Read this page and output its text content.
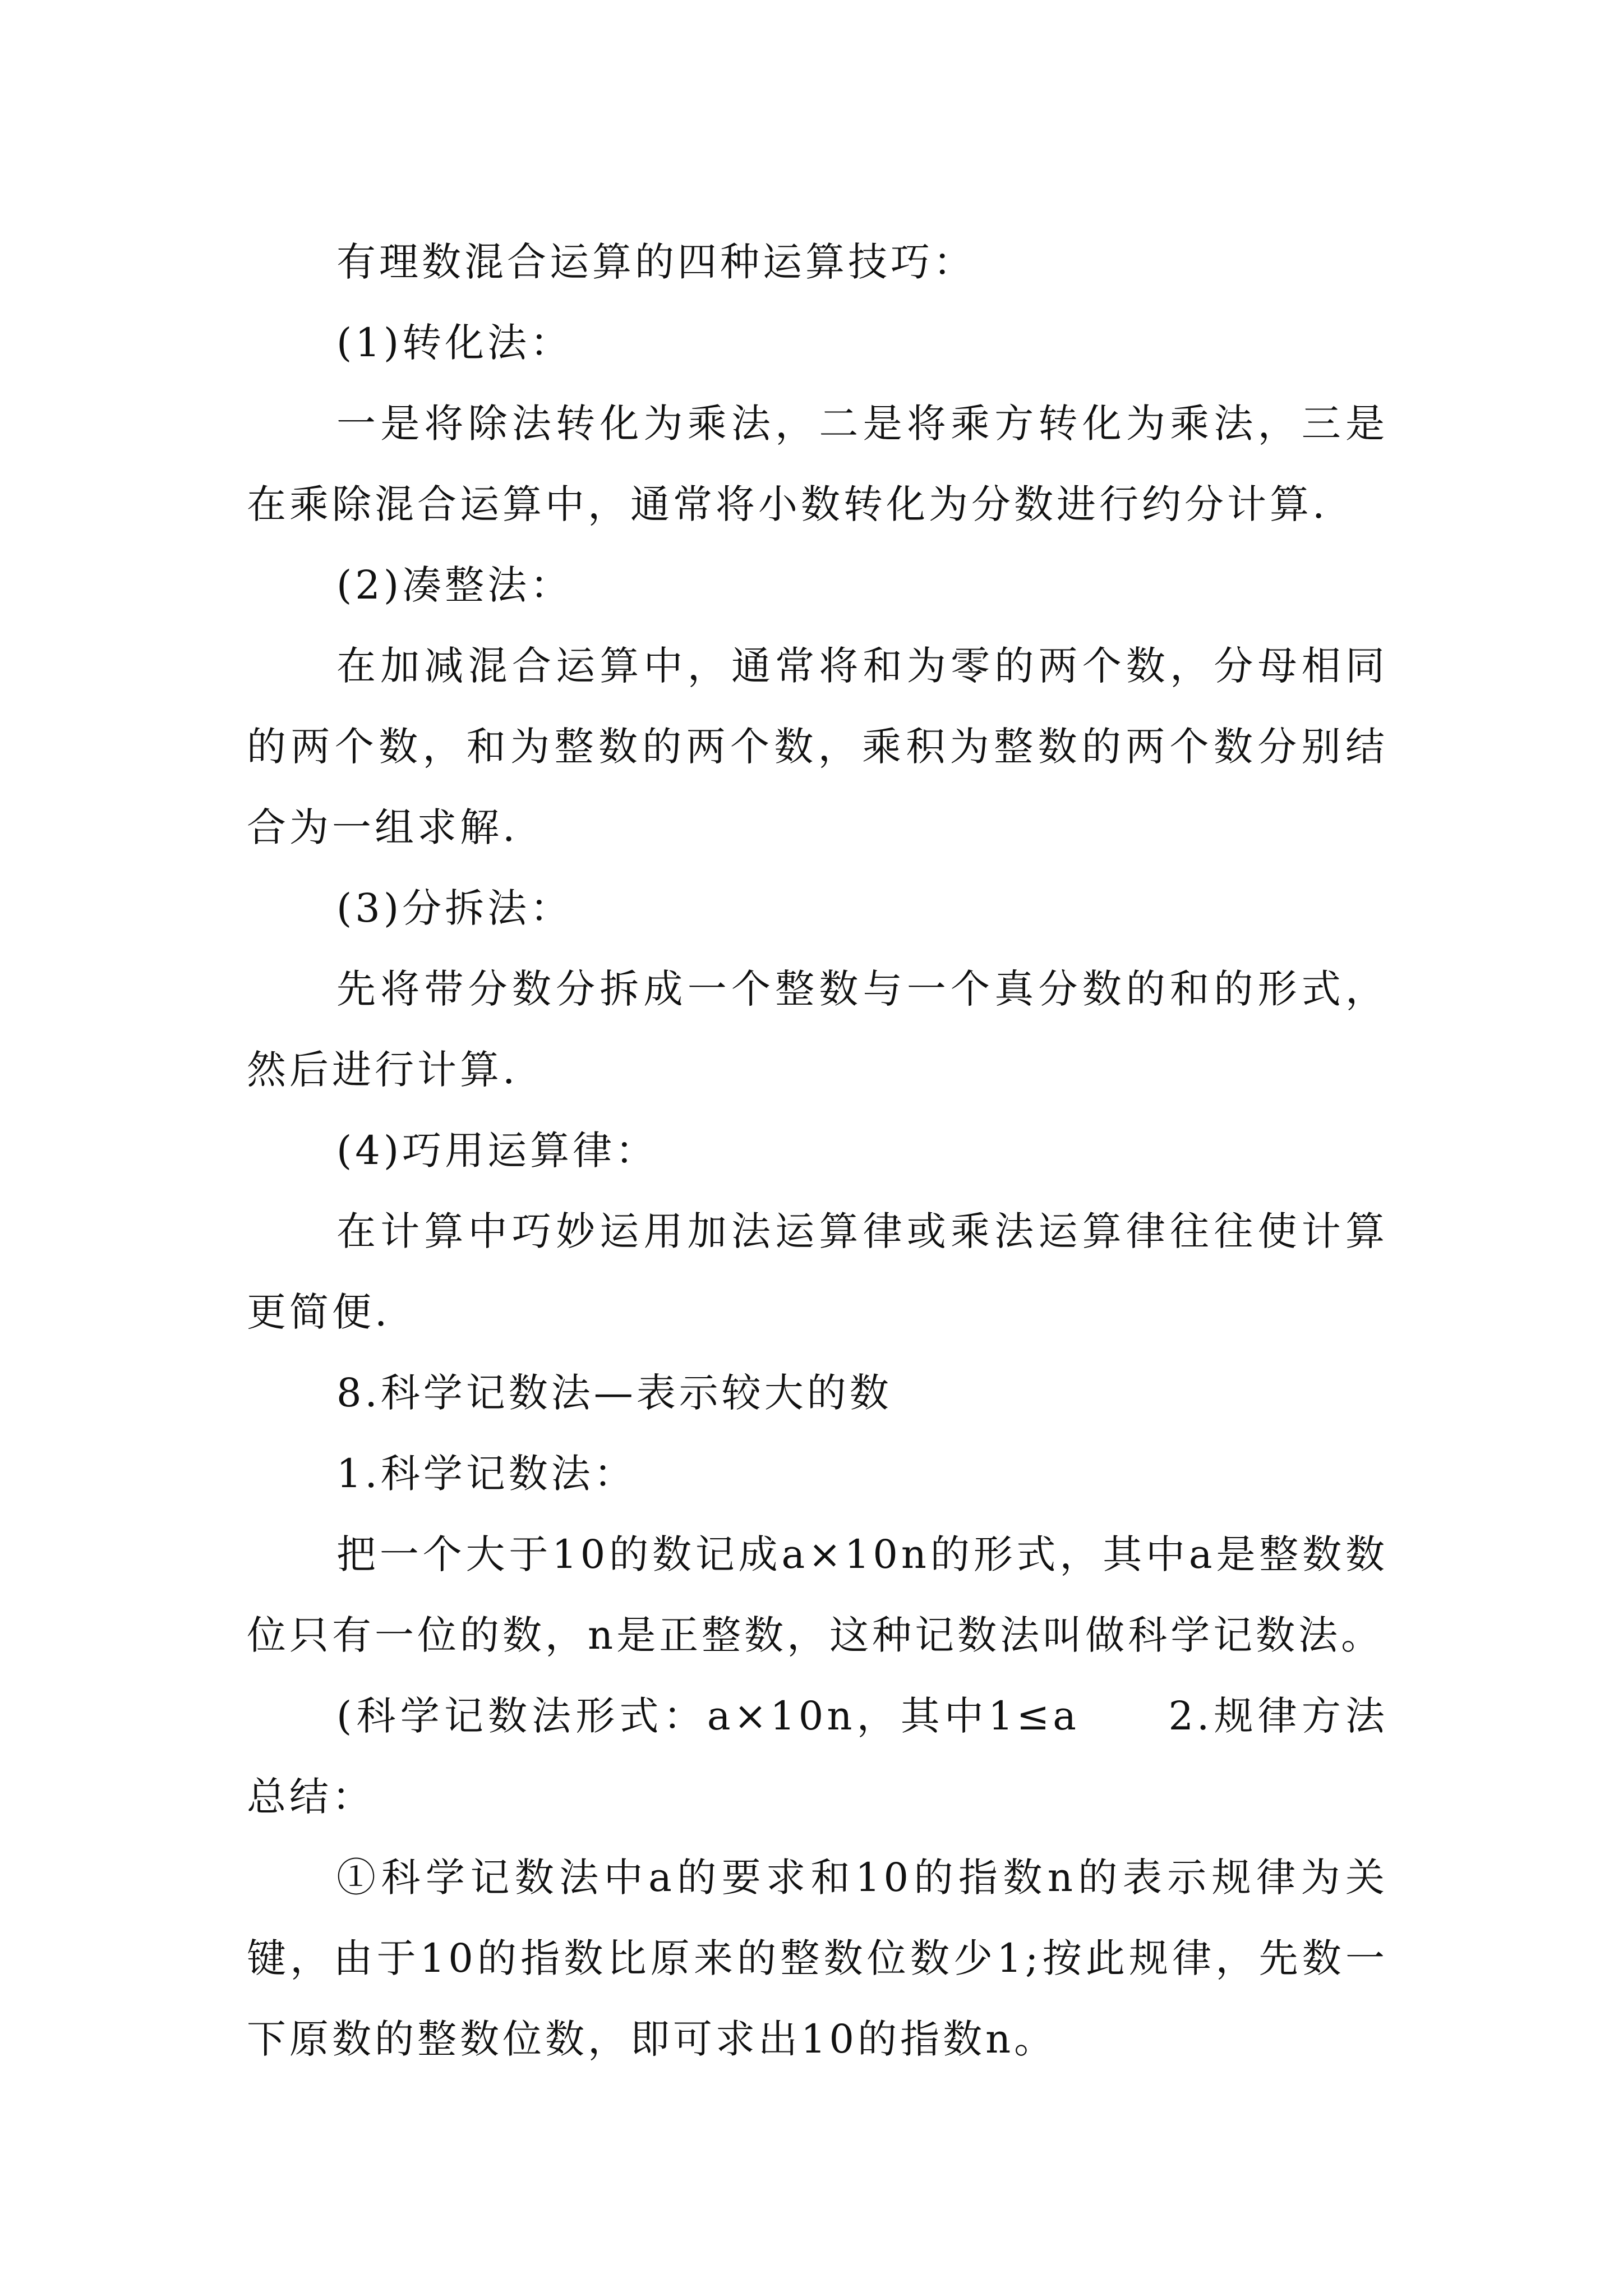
有理数混合运算的四种运算技巧：

(1)转化法：

一是将除法转化为乘法，二是将乘方转化为乘法，三是在乘除混合运算中，通常将小数转化为分数进行约分计算.

(2)凑整法：

在加减混合运算中，通常将和为零的两个数，分母相同的两个数，和为整数的两个数，乘积为整数的两个数分别结合为一组求解.

(3)分拆法：

先将带分数分拆成一个整数与一个真分数的和的形式，然后进行计算.

(4)巧用运算律：

在计算中巧妙运用加法运算律或乘法运算律往往使计算更简便.

8.科学记数法—表示较大的数

1.科学记数法：

把一个大于10的数记成a×10n的形式，其中a是整数数位只有一位的数，n是正整数，这种记数法叫做科学记数法。

(科学记数法形式：a×10n，其中1≤a　　2.规律方法总结：

①科学记数法中a的要求和10的指数n的表示规律为关键，由于10的指数比原来的整数位数少1;按此规律，先数一下原数的整数位数，即可求出10的指数n。
